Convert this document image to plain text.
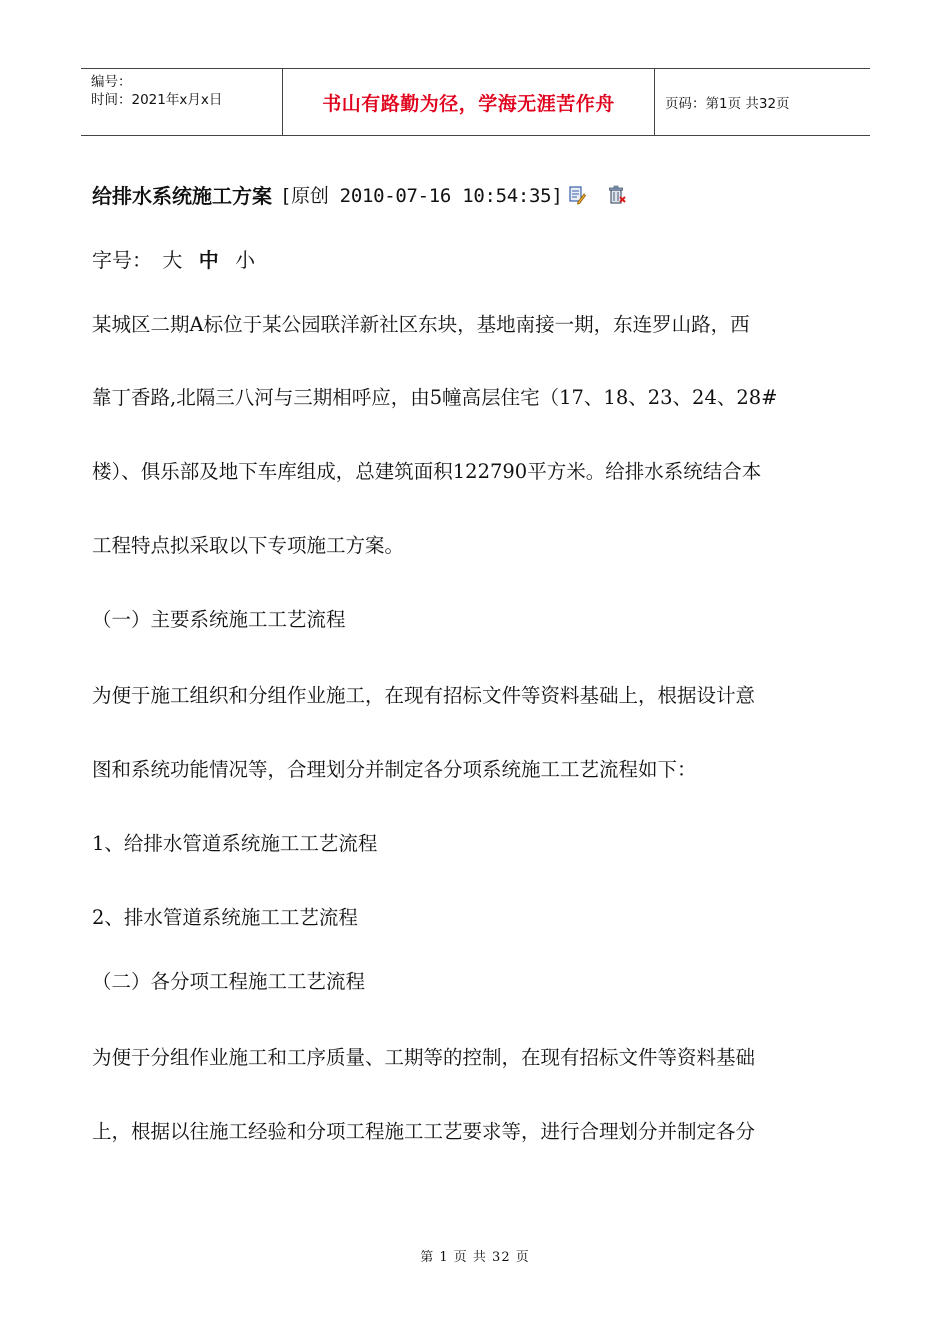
编号：
时间：2021年x月x日	书山有路勤为径，学海无涯苦作舟	页码：第1页 共32页
给排水系统施工方案 [原创 2010-07-16 10:54:35]
字号： 大 中 小
某城区二期A标位于某公园联洋新社区东块，基地南接一期，东连罗山路，西
靠丁香路,北隔三八河与三期相呼应，由5幢高层住宅（17、18、23、24、28#
楼）、俱乐部及地下车库组成，总建筑面积122790平方米。给排水系统结合本
工程特点拟采取以下专项施工方案。
（一）主要系统施工工艺流程
为便于施工组织和分组作业施工，在现有招标文件等资料基础上，根据设计意
图和系统功能情况等，合理划分并制定各分项系统施工工艺流程如下：
1、给排水管道系统施工工艺流程
2、排水管道系统施工工艺流程
（二）各分项工程施工工艺流程
为便于分组作业施工和工序质量、工期等的控制，在现有招标文件等资料基础
上，根据以往施工经验和分项工程施工工艺要求等，进行合理划分并制定各分
第 1 页 共 32 页
